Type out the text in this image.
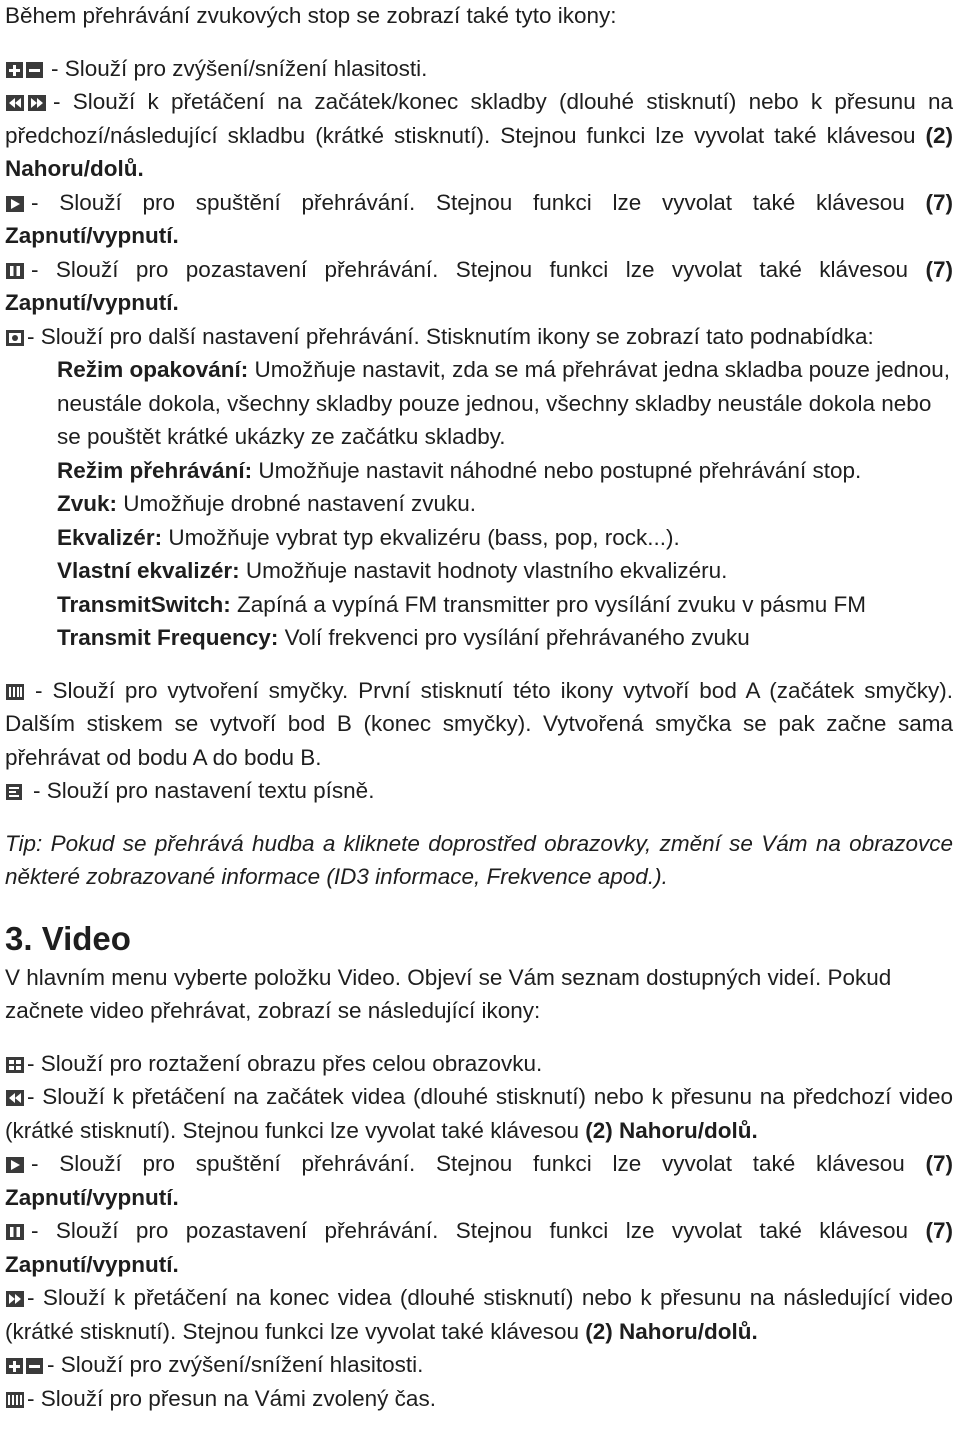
Během přehrávání zvukových stop se zobrazí také tyto ikony:

- Slouží pro zvýšení/snížení hlasitosti.

- Slouží k přetáčení na začátek/konec skladby (dlouhé stisknutí) nebo k přesunu na předchozí/následující skladbu (krátké stisknutí). Stejnou funkci lze vyvolat také klávesou (2) Nahoru/dolů.

- Slouží pro spuštění přehrávání. Stejnou funkci lze vyvolat také klávesou (7) Zapnutí/vypnutí.

- Slouží pro pozastavení přehrávání. Stejnou funkci lze vyvolat také klávesou (7) Zapnutí/vypnutí.

- Slouží pro další nastavení přehrávání. Stisknutím ikony se zobrazí tato podnabídka:

Režim opakování: Umožňuje nastavit, zda se má přehrávat jedna skladba pouze jednou, neustále dokola, všechny skladby pouze jednou, všechny skladby neustále dokola nebo se pouštět krátké ukázky ze začátku skladby.

Režim přehrávání: Umožňuje nastavit náhodné nebo postupné přehrávání stop.

Zvuk: Umožňuje drobné nastavení zvuku.

Ekvalizér: Umožňuje vybrat typ ekvalizéru (bass, pop, rock...).

Vlastní ekvalizér: Umožňuje nastavit hodnoty vlastního ekvalizéru.

TransmitSwitch: Zapíná a vypíná FM transmitter pro vysílání zvuku v pásmu FM

Transmit Frequency: Volí frekvenci pro vysílání přehrávaného zvuku

- Slouží pro vytvoření smyčky. První stisknutí této ikony vytvoří bod A (začátek smyčky). Dalším stiskem se vytvoří bod B (konec smyčky). Vytvořená smyčka se pak začne sama přehrávat od bodu A do bodu B.

- Slouží pro nastavení textu písně.

Tip: Pokud se přehrává hudba a kliknete doprostřed obrazovky, změní se Vám na obrazovce některé zobrazované informace (ID3 informace, Frekvence apod.).

3. Video

V hlavním menu vyberte položku Video. Objeví se Vám seznam dostupných videí. Pokud začnete video přehrávat, zobrazí se následující ikony:

- Slouží pro roztažení obrazu přes celou obrazovku.

- Slouží k přetáčení na začátek videa (dlouhé stisknutí) nebo k přesunu na předchozí video (krátké stisknutí). Stejnou funkci lze vyvolat také klávesou (2) Nahoru/dolů.

- Slouží pro spuštění přehrávání. Stejnou funkci lze vyvolat také klávesou (7) Zapnutí/vypnutí.

- Slouží pro pozastavení přehrávání. Stejnou funkci lze vyvolat také klávesou (7) Zapnutí/vypnutí.

- Slouží k přetáčení na konec videa (dlouhé stisknutí) nebo k přesunu na následující video (krátké stisknutí). Stejnou funkci lze vyvolat také klávesou (2) Nahoru/dolů.

- Slouží pro zvýšení/snížení hlasitosti.

- Slouží pro přesun na Vámi zvolený čas.
